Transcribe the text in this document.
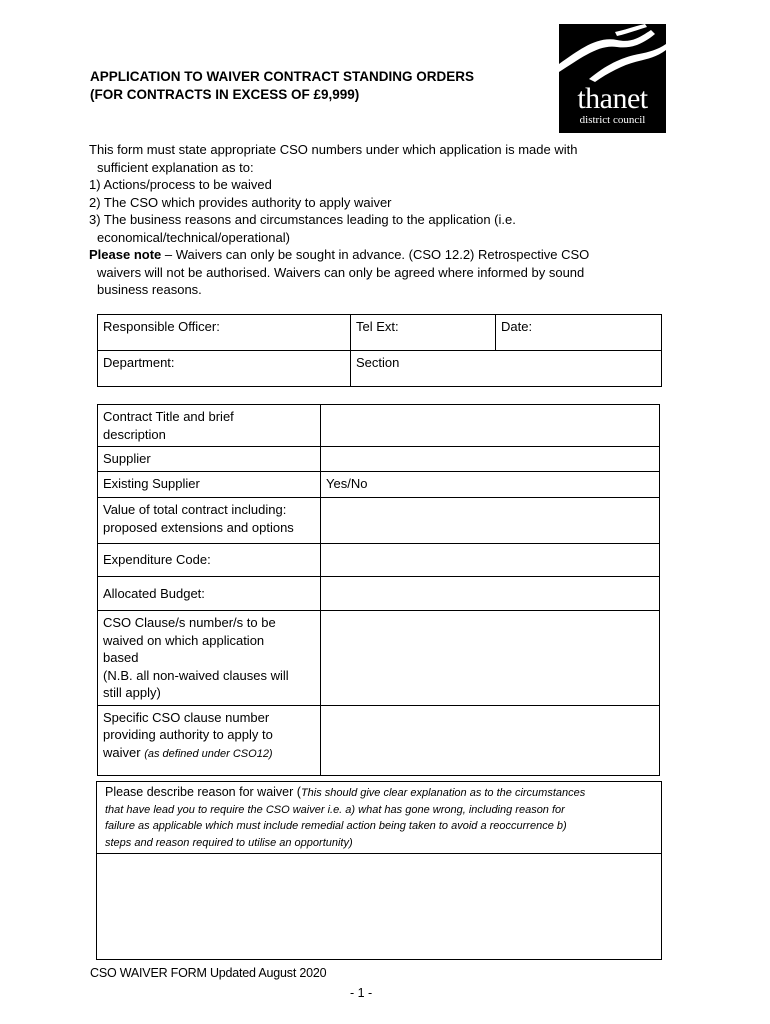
APPLICATION TO WAIVER CONTRACT STANDING ORDERS
(FOR CONTRACTS IN EXCESS OF £9,999)	thanet
district council

This form must state appropriate CSO numbers under which application is made with

sufficient explanation as to:

1) Actions/process to be waived

2) The CSO which provides authority to apply waiver

3) The business reasons and circumstances leading to the application (i.e.

economical/technical/operational)

Please note – Waivers can only be sought in advance. (CSO 12.2) Retrospective CSO

waivers will not be authorised. Waivers can only be agreed where informed by sound

business reasons.

Responsible Officer:	Tel Ext:	Date:
Department:	Section	
Contract Title and brief
description	

Supplier	
Existing Supplier	Yes/No

Value of total contract including:
proposed extensions and options	

Expenditure Code:	
Allocated Budget:	

CSO Clause/s number/s to be
waived on which application
based
(N.B. all non-waived clauses will
still apply)	

Specific CSO clause number
providing authority to apply to
waiver (as defined under CSO12)	

Please describe reason for waiver (This should give clear explanation as to the circumstances
that have lead you to require the CSO waiver i.e. a) what has gone wrong, including reason for
failure as applicable which must include remedial action being taken to avoid a reoccurrence b)
steps and reason required to utilise an opportunity)

CSO WAIVER FORM Updated August 2020
- 1 -
